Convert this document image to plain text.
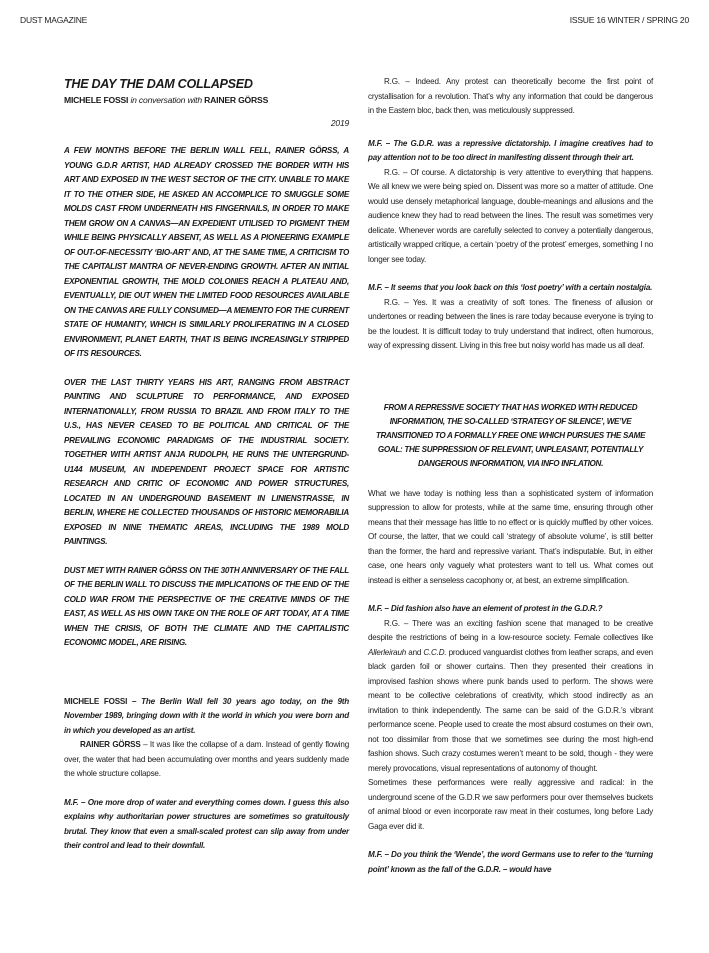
DUST MAGAZINE	ISSUE 16 WINTER / SPRING 20
THE DAY THE DAM COLLAPSED
MICHELE FOSSI in conversation with RAINER GÖRSS
2019

A FEW MONTHS BEFORE THE BERLIN WALL FELL, RAINER GÖRSS, A YOUNG G.D.R ARTIST, HAD ALREADY CROSSED THE BORDER WITH HIS ART AND EXPOSED IN THE WEST SECTOR OF THE CITY. UNABLE TO MAKE IT TO THE OTHER SIDE, HE ASKED AN ACCOMPLICE TO SMUGGLE SOME MOLDS CAST FROM UNDERNEATH HIS FINGERNAILS, IN ORDER TO MAKE THEM GROW ON A CANVAS—AN EXPEDIENT UTILISED TO PIGMENT THEM WHILE BEING PHYSICALLY ABSENT, AS WELL AS A PIONEERING EXAMPLE OF OUT-OF-NECESSITY ‘BIO-ART’ AND, AT THE SAME TIME, A CRITICISM TO THE CAPITALIST MANTRA OF NEVER-ENDING GROWTH. AFTER AN INITIAL EXPONENTIAL GROWTH, THE MOLD COLONIES REACH A PLATEAU AND, EVENTUALLY, DIE OUT WHEN THE LIMITED FOOD RESOURCES AVAILABLE ON THE CANVAS ARE FULLY CONSUMED—A MEMENTO FOR THE CURRENT STATE OF HUMANITY, WHICH IS SIMILARLY PROLIFERATING IN A CLOSED ENVIRONMENT, PLANET EARTH, THAT IS BEING INCREASINGLY STRIPPED OF ITS RESOURCES.

OVER THE LAST THIRTY YEARS HIS ART, RANGING FROM ABSTRACT PAINTING AND SCULPTURE TO PERFORMANCE, AND EXPOSED INTERNATIONALLY, FROM RUSSIA TO BRAZIL AND FROM ITALY TO THE U.S., HAS NEVER CEASED TO BE POLITICAL AND CRITICAL OF THE PREVAILING ECONOMIC PARADIGMS OF THE INDUSTRIAL SOCIETY. TOGETHER WITH ARTIST ANJA RUDOLPH, HE RUNS THE UNTERGRUND-U144 MUSEUM, AN INDEPENDENT PROJECT SPACE FOR ARTISTIC RESEARCH AND CRITIC OF ECONOMIC AND POWER STRUCTURES, LOCATED IN AN UNDERGROUND BASEMENT IN LINIENSTRASSE, IN BERLIN, WHERE HE COLLECTED THOUSANDS OF HISTORIC MEMORABILIA EXPOSED IN NINE THEMATIC AREAS, INCLUDING THE 1989 MOLD PAINTINGS.

DUST MET WITH RAINER GÖRSS ON THE 30TH ANNIVERSARY OF THE FALL OF THE BERLIN WALL TO DISCUSS THE IMPLICATIONS OF THE END OF THE COLD WAR FROM THE PERSPECTIVE OF THE CREATIVE MINDS OF THE EAST, AS WELL AS HIS OWN TAKE ON THE ROLE OF ART TODAY, AT A TIME WHEN THE CRISIS, OF BOTH THE CLIMATE AND THE CAPITALISTIC ECONOMIC MODEL, ARE RISING.

MICHELE FOSSI – The Berlin Wall fell 30 years ago today, on the 9th November 1989, bringing down with it the world in which you were born and in which you developed as an artist.

RAINER GÖRSS – It was like the collapse of a dam. Instead of gently flowing over, the water that had been accumulating over months and years suddenly made the whole structure collapse.

M.F. – One more drop of water and everything comes down. I guess this also explains why authoritarian power structures are sometimes so gratuitously brutal. They know that even a small-scaled protest can slip away from under their control and lead to their downfall.

R.G. – Indeed. Any protest can theoretically become the first point of crystallisation for a revolution. That’s why any information that could be dangerous in the Eastern bloc, back then, was meticulously suppressed.

M.F. – The G.D.R. was a repressive dictatorship. I imagine creatives had to pay attention not to be too direct in manifesting dissent through their art.

R.G. – Of course. A dictatorship is very attentive to everything that happens. We all knew we were being spied on. Dissent was more so a matter of attitude. One would use densely metaphorical language, double-meanings and allusions and the audience knew they had to read between the lines. The result was sometimes very delicate. Whenever words are carefully selected to convey a potentially dangerous, artistically wrapped critique, a certain ‘poetry of the protest’ emerges, something I no longer see today.

M.F. – It seems that you look back on this ‘lost poetry’ with a certain nostalgia.

R.G. – Yes. It was a creativity of soft tones. The fineness of allusion or undertones or reading between the lines is rare today because everyone is trying to be the loudest. It is difficult today to truly understand that indirect, often humorous, way of expressing dissent. Living in this free but noisy world has made us all deaf.

FROM A REPRESSIVE SOCIETY THAT HAS WORKED WITH REDUCED INFORMATION, THE SO-CALLED ‘STRATEGY OF SILENCE’, WE’VE TRANSITIONED TO A FORMALLY FREE ONE WHICH PURSUES THE SAME GOAL: THE SUPPRESSION OF RELEVANT, UNPLEASANT, POTENTIALLY DANGEROUS INFORMATION, VIA INFO INFLATION.

What we have today is nothing less than a sophisticated system of information suppression to allow for protests, while at the same time, ensuring through other means that their message has little to no effect or is quickly muffled by other voices. Of course, the latter, that we could call ‘strategy of absolute volume’, is still better than the former, the hard and repressive variant. That’s indisputable. But, in either case, one hears only vaguely what protesters want to tell us. What comes out instead is either a senseless cacophony or, at best, an extreme simplification.

M.F. – Did fashion also have an element of protest in the G.D.R.?

R.G. – There was an exciting fashion scene that managed to be creative despite the restrictions of being in a low-resource society. Female collectives like Allerleirauh and C.C.D. produced vanguardist clothes from leather scraps, and even black garden foil or shower curtains. Then they presented their creations in improvised fashion shows where punk bands used to perform. The shows were meant to be collective celebrations of creativity, which stood indirectly as an invitation to think independently. The same can be said of the G.D.R.’s vibrant performance scene. People used to create the most absurd costumes on their own, not too dissimilar from those that we sometimes see during the most high-end fashion shows. Such crazy costumes weren’t meant to be sold, though - they were merely provocations, visual representations of autonomy of thought.

Sometimes these performances were really aggressive and radical: in the underground scene of the G.D.R we saw performers pour over themselves buckets of animal blood or even incorporate raw meat in their costumes, long before Lady Gaga ever did it.

M.F. – Do you think the ‘Wende’, the word Germans use to refer to the ‘turning point’ known as the fall of the G.D.R. – would have
